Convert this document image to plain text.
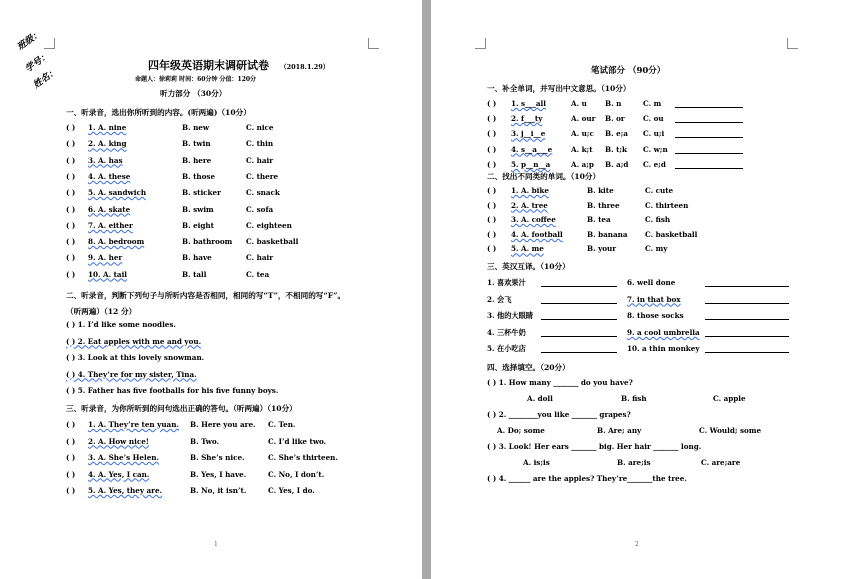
班级：
学号：
姓名：
四年级英语期末调研试卷 （2018.1.29）
命题人：徐莉莉 时间：60分钟 分值：120分
听力部分 （30分）
一、听录音，选出你所听到的内容。(听两遍)（10分）
二、听录音，判断下列句子与所听内容是否相同，相同的写“T”，不相同的写“F”。
（听两遍）（12 分）
三、听录音，为你所听到的问句选出正确的答句。（听两遍）（10分）
1
( ) 1. A. nine	B. new	C. nice
( ) 2. A. king	B. twin	C. thin
( ) 3. A. has	B. here	C. hair
( ) 4. A. these	B. those	C. there
( ) 5. A. sandwich	B. sticker	C. snack
( ) 6. A. skate	B. swim	C. sofa
( ) 7. A. either	B. eight	C. eighteen
( ) 8. A. bedroom	B. bathroom C. basketball
( ) 9. A. her	B. have	C. hair
( ) 10. A. tail	B. tall	C. tea
( ) 1. I’d like some noodles.
( ) 2. Eat apples with me and you.
( ) 3. Look at this lovely snowman.
( ) 4. They’re for my sister, Tina.
( ) 5. Father has five footballs for his five funny boys.
( ) 1. A. They’re ten yuan. B. Here you are. C. Ten.
( ) 2. A. How nice!	B. Two.	C. I’d like two.
( ) 3. A. She’s Helen.	B. She’s nice.	C. She’s thirteen.
( ) 4. A. Yes, I can.	B. Yes, I have.	C. No, I don’t.
( ) 5. A. Yes, they are.	B. No, it isn’t.	C. Yes, I do.
笔试部分 （90分）
一、补全单词，并写出中文意思。（10分）
二、找出不同类的单词。（10分）
三、英汉互译。（10分）
四、选择填空。（20分）
( ) 1. How many _______ do you have?
A. doll	B. fish	C. apple
( ) 2. ________you like _______ grapes?
A. Do; some	B. Are; any	C. Would; some
( ) 3. Look! Her ears _______ big. Her hair _______ long.
A. is;is	B. are;is	C. are;are
( ) 4. ______ are the apples? They’re_______the tree.
2
( ) 1. s___all	A. u	B. n	C. m
( ) 2. f___ty	A. our B. or	C. ou
( ) 3. j__i__e	A. u;c B. e;a C. u;i
( ) 4. s__a___e	A. k;t B. t;k C. w;n
( ) 5. p__n__a	A. a;p B. a;d C. e;d
( ) 1. A. bike	B. kite	C. cute
( ) 2. A. tree	B. three	C. thirteen
( ) 3. A. coffee	B. tea	C. fish
( ) 4. A. football	B. banana C. basketball
( ) 5. A. me	B. your	C. my
1. 喜欢果汁	6. well done
2. 会飞	7. in that box
3. 他的大眼睛	8. those socks
4. 三杯牛奶	9. a cool umbrella
5. 在小吃店	10. a thin monkey
